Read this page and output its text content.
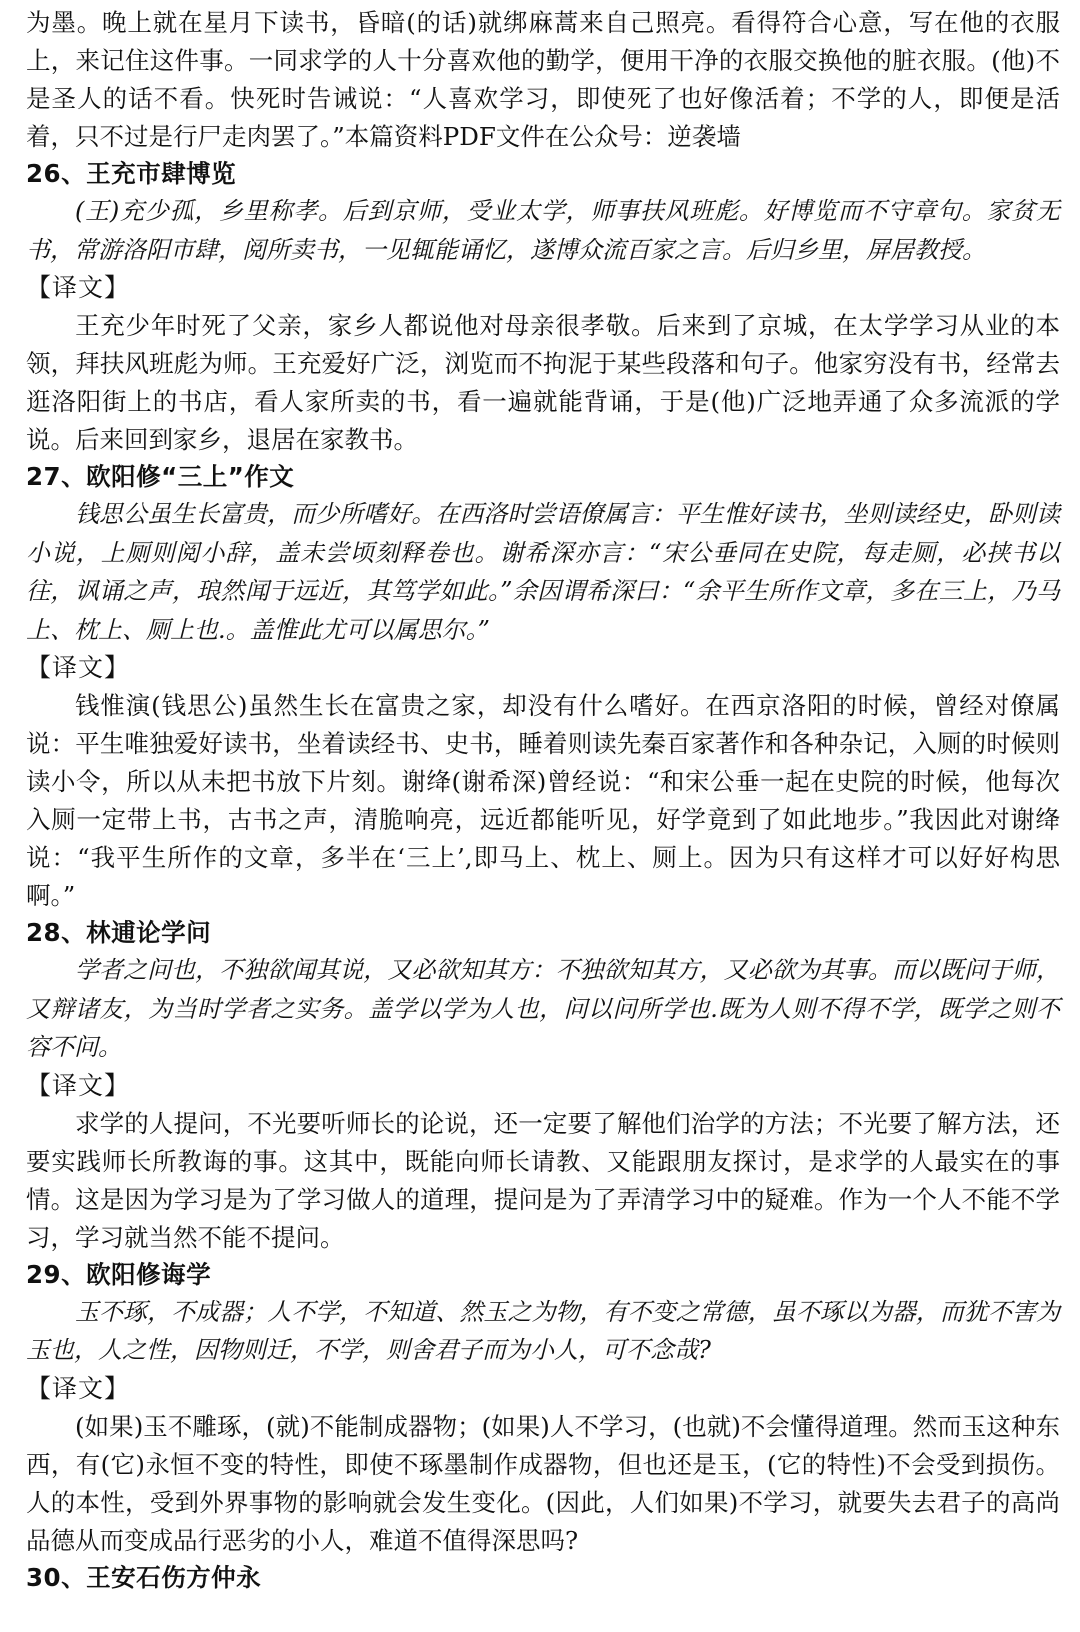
为墨。晚上就在星月下读书，昏暗(的话)就绑麻蒿来自己照亮。看得符合心意，写在他的衣服上，来记住这件事。一同求学的人十分喜欢他的勤学，便用干净的衣服交换他的脏衣服。(他)不是圣人的话不看。快死时告诫说：“人喜欢学习，即使死了也好像活着；不学的人，即便是活着，只不过是行尸走肉罢了。”本篇资料PDF文件在公众号：逆袭墙

26、王充市肆博览

(王)充少孤，乡里称孝。后到京师，受业太学，师事扶风班彪。好博览而不守章句。家贫无书，常游洛阳市肆，阅所卖书，一见辄能诵忆，遂博众流百家之言。后归乡里，屏居教授。

【译文】

王充少年时死了父亲，家乡人都说他对母亲很孝敬。后来到了京城，在太学学习从业的本领，拜扶风班彪为师。王充爱好广泛，浏览而不拘泥于某些段落和句子。他家穷没有书，经常去逛洛阳街上的书店，看人家所卖的书，看一遍就能背诵，于是(他)广泛地弄通了众多流派的学说。后来回到家乡，退居在家教书。

27、欧阳修“三上”作文

钱思公虽生长富贵，而少所嗜好。在西洛时尝语僚属言：平生惟好读书，坐则读经史，卧则读小说，上厕则阅小辞，盖未尝顷刻释卷也。谢希深亦言：“宋公垂同在史院，每走厕，必挟书以往，讽诵之声，琅然闻于远近，其笃学如此。”余因谓希深曰：“余平生所作文章，多在三上，乃马上、枕上、厕上也.。盖惟此尤可以属思尔。”

【译文】

钱惟演(钱思公)虽然生长在富贵之家，却没有什么嗜好。在西京洛阳的时候，曾经对僚属说：平生唯独爱好读书，坐着读经书、史书，睡着则读先秦百家著作和各种杂记，入厕的时候则读小令，所以从未把书放下片刻。谢绛(谢希深)曾经说：“和宋公垂一起在史院的时候，他每次入厕一定带上书，古书之声，清脆响亮，远近都能听见，好学竟到了如此地步。”我因此对谢绛说：“我平生所作的文章，多半在‘三上’,即马上、枕上、厕上。因为只有这样才可以好好构思啊。”

28、林逋论学问

学者之问也，不独欲闻其说，又必欲知其方：不独欲知其方，又必欲为其事。而以既问于师，又辩诸友，为当时学者之实务。盖学以学为人也，问以问所学也.既为人则不得不学，既学之则不容不问。

【译文】

求学的人提问，不光要听师长的论说，还一定要了解他们治学的方法；不光要了解方法，还要实践师长所教诲的事。这其中，既能向师长请教、又能跟朋友探讨，是求学的人最实在的事情。这是因为学习是为了学习做人的道理，提问是为了弄清学习中的疑难。作为一个人不能不学习，学习就当然不能不提问。

29、欧阳修诲学

玉不琢，不成器；人不学，不知道、然玉之为物，有不变之常德，虽不琢以为器，而犹不害为玉也，人之性，因物则迁，不学，则舍君子而为小人，可不念哉?

【译文】

(如果)玉不雕琢，(就)不能制成器物；(如果)人不学习，(也就)不会懂得道理。然而玉这种东西，有(它)永恒不变的特性，即使不琢墨制作成器物，但也还是玉，(它的特性)不会受到损伤。人的本性，受到外界事物的影响就会发生变化。(因此，人们如果)不学习，就要失去君子的高尚品德从而变成品行恶劣的小人，难道不值得深思吗?

30、王安石伤方仲永
